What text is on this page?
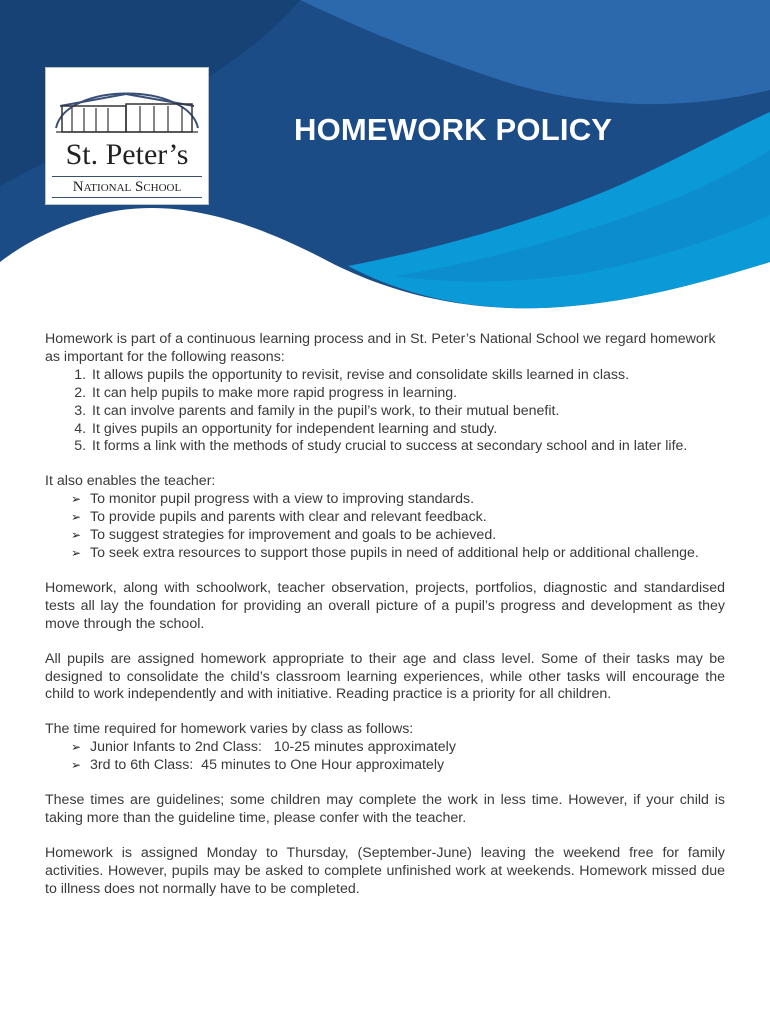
St. Peter’s
National School
HOMEWORK POLICY

Homework is part of a continuous learning process and in St. Peter’s National School we regard homework as important for the following reasons:

1. It allows pupils the opportunity to revisit, revise and consolidate skills learned in class.
2. It can help pupils to make more rapid progress in learning.
3. It can involve parents and family in the pupil’s work, to their mutual benefit.
4. It gives pupils an opportunity for independent learning and study.
5. It forms a link with the methods of study crucial to success at secondary school and in later life.

It also enables the teacher:

➢ To monitor pupil progress with a view to improving standards.
➢ To provide pupils and parents with clear and relevant feedback.
➢ To suggest strategies for improvement and goals to be achieved.
➢ To seek extra resources to support those pupils in need of additional help or additional challenge.

Homework, along with schoolwork, teacher observation, projects, portfolios, diagnostic and standardised tests all lay the foundation for providing an overall picture of a pupil’s progress and development as they move through the school.

All pupils are assigned homework appropriate to their age and class level. Some of their tasks may be designed to consolidate the child’s classroom learning experiences, while other tasks will encourage the child to work independently and with initiative. Reading practice is a priority for all children.

The time required for homework varies by class as follows:

➢ Junior Infants to 2nd Class:   10-25 minutes approximately
➢ 3rd to 6th Class:  45 minutes to One Hour approximately

These times are guidelines; some children may complete the work in less time. However, if your child is taking more than the guideline time, please confer with the teacher.

Homework is assigned Monday to Thursday, (September-June) leaving the weekend free for family activities. However, pupils may be asked to complete unfinished work at weekends. Homework missed due to illness does not normally have to be completed.
